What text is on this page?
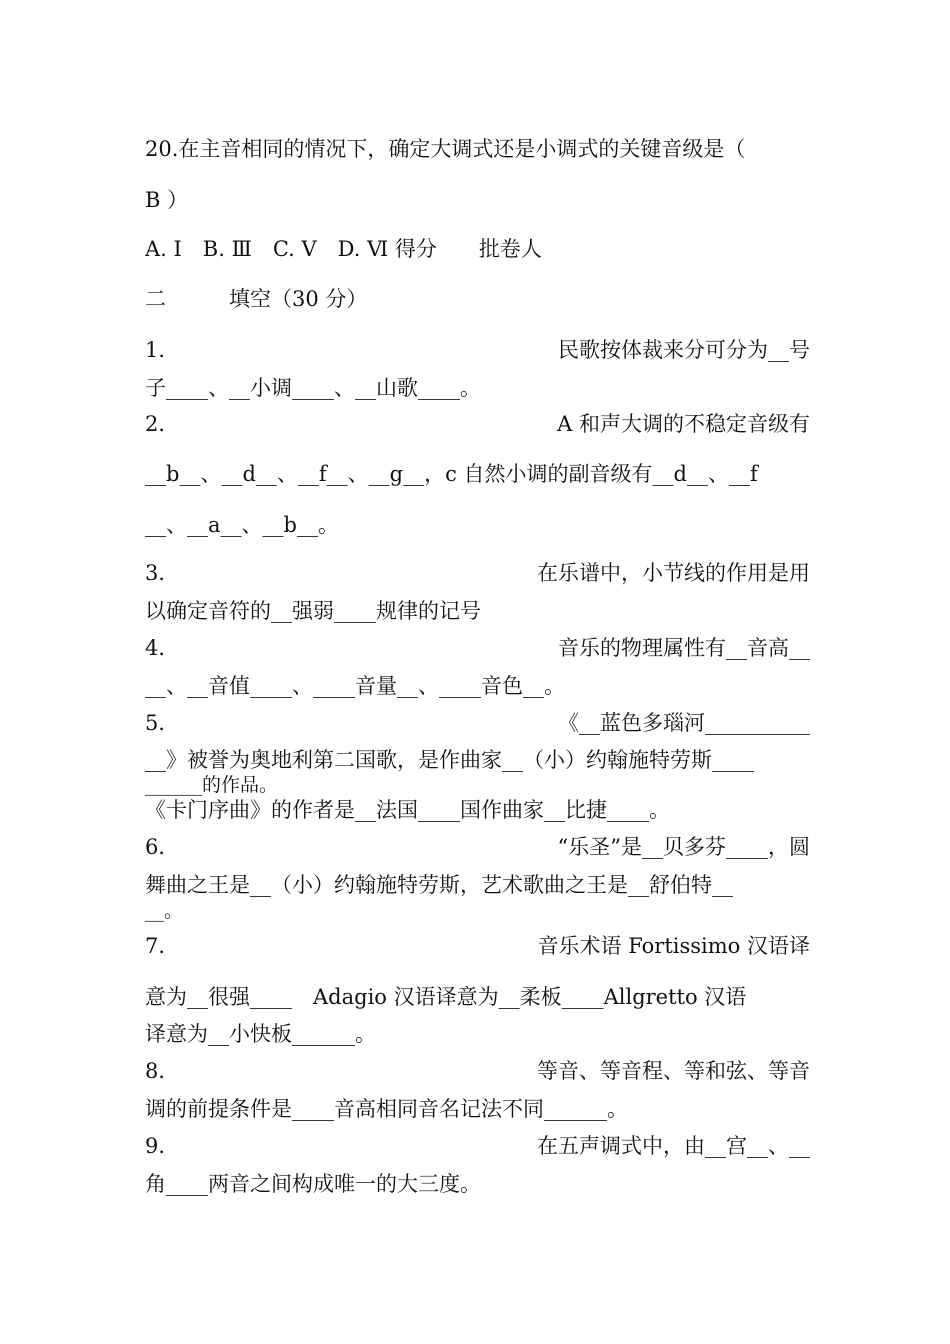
20.在主音相同的情况下，确定大调式还是小调式的关键音级是（
B ）
A. Ⅰ　B. Ⅲ　C. Ⅴ　D. Ⅵ 得分　　批卷人
二　　　填空（30 分）
1．	民歌按体裁来分可分为__号
子____、__小调____、__山歌____。
2．	A 和声大调的不稳定音级有
__b__、__d__、__f__、__g__，c 自然小调的副音级有__d__、__f
__、__a__、__b__。
3．	在乐谱中，小节线的作用是用
以确定音符的__强弱____规律的记号
4．	音乐的物理属性有__音高__
__、__音值____、____音量__、____音色__。
5．	《__蓝色多瑙河__________
__》被誉为奥地利第二国歌，是作曲家__（小）约翰施特劳斯____
______的作品。
《卡门序曲》的作者是__法国____国作曲家__比捷____。
6．	“乐圣”是__贝多芬____，圆
舞曲之王是__（小）约翰施特劳斯，艺术歌曲之王是__舒伯特__
__。
7．	音乐术语 Fortissimo 汉语译
意为__很强____　Adagio 汉语译意为__柔板____Allgretto 汉语
译意为__小快板______。
8．	等音、等音程、等和弦、等音
调的前提条件是____音高相同音名记法不同______。
9．	在五声调式中，由__宫__、__
角____两音之间构成唯一的大三度。
